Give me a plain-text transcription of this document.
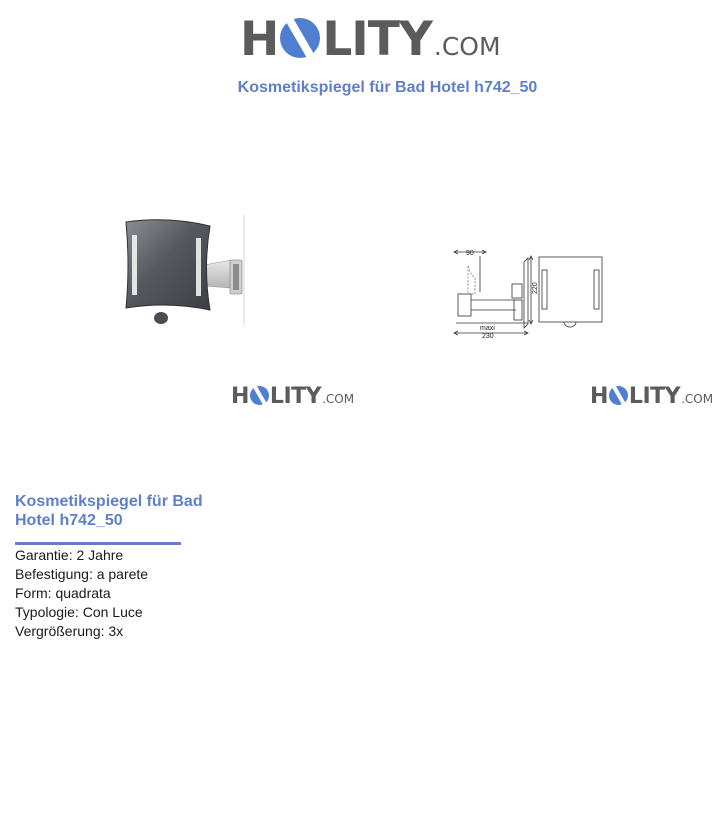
H LITY .COM
Kosmetikspiegel für Bad Hotel h742_50
90
220
maxi
230
H LITY .COM	H LITY .COM
Kosmetikspiegel für Bad Hotel h742_50
Garantie: 2 Jahre
Befestigung: a parete
Form: quadrata
Typologie: Con Luce
Vergrößerung: 3x
